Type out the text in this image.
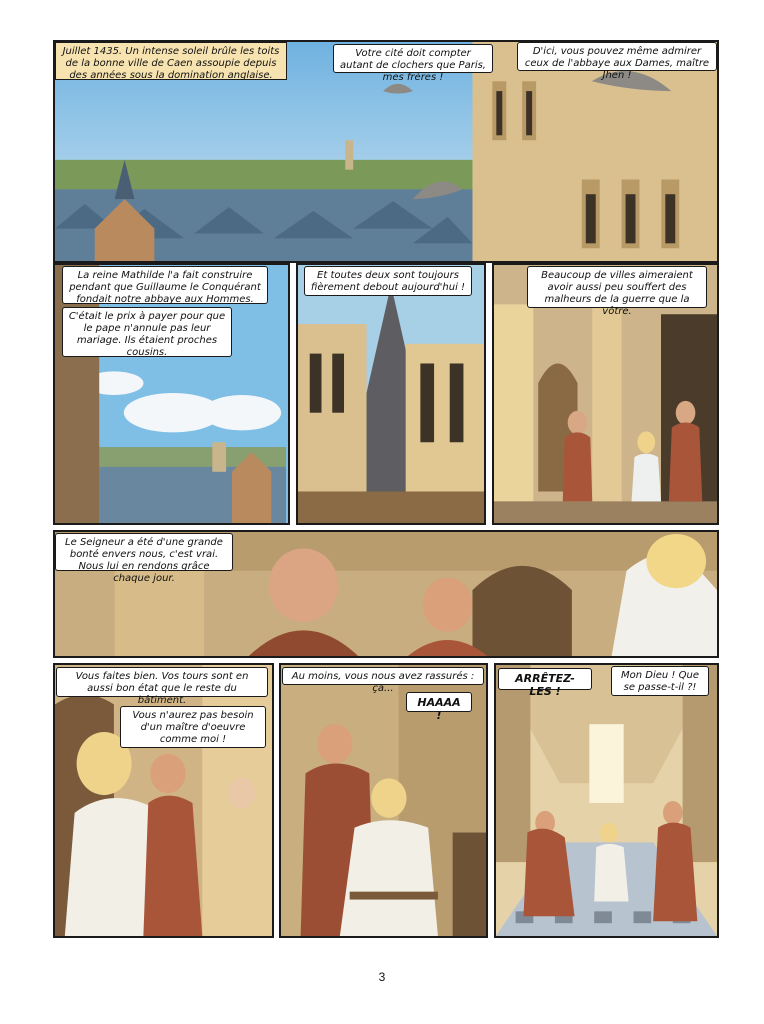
Juillet 1435. Un intense soleil brûle les toits de la bonne ville de Caen assoupie depuis des années sous la domination anglaise.
Votre cité doit compter autant de clochers que Paris, mes frères !
D'ici, vous pouvez même admirer ceux de l'abbaye aux Dames, maître Jhen !
La reine Mathilde l'a fait construire pendant que Guillaume le Conquérant fondait notre abbaye aux Hommes.
C'était le prix à payer pour que le pape n'annule pas leur mariage. Ils étaient proches cousins.
Et toutes deux sont toujours fièrement debout aujourd'hui !
Beaucoup de villes aimeraient avoir aussi peu souffert des malheurs de la guerre que la vôtre.
Le Seigneur a été d'une grande bonté envers nous, c'est vrai. Nous lui en rendons grâce chaque jour.
Vous faites bien. Vos tours sont en aussi bon état que le reste du bâtiment.
Vous n'aurez pas besoin d'un maître d'oeuvre comme moi !
Au moins, vous nous avez rassurés : ça...
HAAAA !
ARRÊTEZ-LES !
Mon Dieu ! Que se passe-t-il ?!
3
